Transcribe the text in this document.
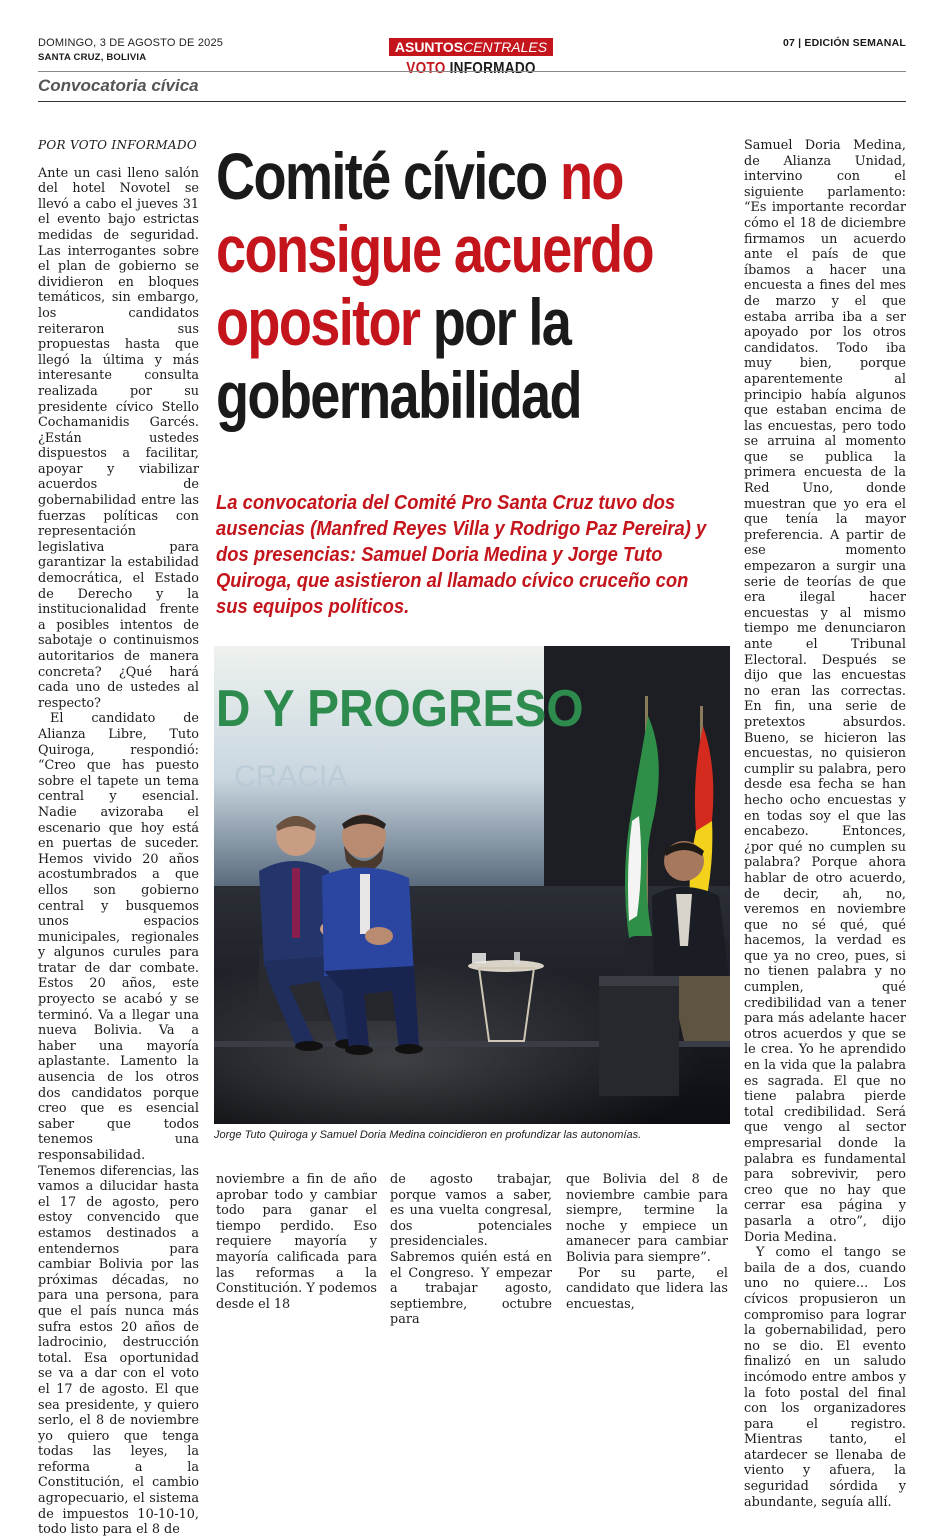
DOMINGO, 3 DE AGOSTO DE 2025
SANTA CRUZ, BOLIVIA
ASUNTOSCENTRALES
VOTO INFORMADO
07 | EDICIÓN SEMANAL
Convocatoria cívica

POR VOTO INFORMADO

Ante un casi lleno salón del hotel Novotel se llevó a cabo el jueves 31 el evento bajo estrictas medidas de seguridad. Las interrogantes sobre el plan de gobierno se dividieron en bloques temáticos, sin embargo, los candidatos reiteraron sus propuestas hasta que llegó la última y más interesante consulta realizada por su presidente cívico Stello Cochamanidis Garcés. ¿Están ustedes dispuestos a facilitar, apoyar y viabilizar acuerdos de gobernabilidad entre las fuerzas políticas con representación legislativa para garantizar la estabilidad democrática, el Estado de Derecho y la institucionalidad frente a posibles intentos de sabotaje o continuismos autoritarios de manera concreta? ¿Qué hará cada uno de ustedes al respecto?

El candidato de Alianza Libre, Tuto Quiroga, respondió: “Creo que has puesto sobre el tapete un tema central y esencial. Nadie avizoraba el escenario que hoy está en puertas de suceder. Hemos vivido 20 años acostumbrados a que ellos son gobierno central y busquemos unos espacios municipales, regionales y algunos curules para tratar de dar combate. Estos 20 años, este proyecto se acabó y se terminó. Va a llegar una nueva Bolivia. Va a haber una mayoría aplastante. Lamento la ausencia de los otros dos candidatos porque creo que es esencial saber que todos tenemos una responsabilidad. Tenemos diferencias, las vamos a dilucidar hasta el 17 de agosto, pero estoy convencido que estamos destinados a entendernos para cambiar Bolivia por las próximas décadas, no para una persona, para que el país nunca más sufra estos 20 años de ladrocinio, destrucción total. Esa oportunidad se va a dar con el voto el 17 de agosto. El que sea presidente, y quiero serlo, el 8 de noviembre yo quiero que tenga todas las leyes, la reforma a la Constitución, el cambio agropecuario, el sistema de impuestos 10-10-10, todo listo para el 8 de

Comité cívico no consigue acuerdo opositor por la gobernabilidad
La convocatoria del Comité Pro Santa Cruz tuvo dos ausencias (Manfred Reyes Villa y Rodrigo Paz Pereira) y dos presencias: Samuel Doria Medina y Jorge Tuto Quiroga, que asistieron al llamado cívico cruceño con sus equipos políticos.
D Y PROGRESO
CRACIA
Jorge Tuto Quiroga y Samuel Doria Medina coincidieron en profundizar las autonomías.

noviembre a fin de año aprobar todo y cambiar todo para ganar el tiempo perdido. Eso requiere mayoría y mayoría calificada para las reformas a la Constitución. Y podemos desde el 18

de agosto trabajar, porque vamos a saber, es una vuelta congresal, dos potenciales presidenciales. Sabremos quién está en el Congreso. Y empezar a trabajar agosto, septiembre, octubre para

que Bolivia del 8 de noviembre cambie para siempre, termine la noche y empiece un amanecer para cambiar Bolivia para siempre”.

Por su parte, el candidato que lidera las encuestas,

Samuel Doria Medina, de Alianza Unidad, intervino con el siguiente parlamento: “Es importante recordar cómo el 18 de diciembre firmamos un acuerdo ante el país de que íbamos a hacer una encuesta a fines del mes de marzo y el que estaba arriba iba a ser apoyado por los otros candidatos. Todo iba muy bien, porque aparentemente al principio había algunos que estaban encima de las encuestas, pero todo se arruina al momento que se publica la primera encuesta de la Red Uno, donde muestran que yo era el que tenía la mayor preferencia. A partir de ese momento empezaron a surgir una serie de teorías de que era ilegal hacer encuestas y al mismo tiempo me denunciaron ante el Tribunal Electoral. Después se dijo que las encuestas no eran las correctas. En fin, una serie de pretextos absurdos. Bueno, se hicieron las encuestas, no quisieron cumplir su palabra, pero desde esa fecha se han hecho ocho encuestas y en todas soy el que las encabezo. Entonces, ¿por qué no cumplen su palabra? Porque ahora hablar de otro acuerdo, de decir, ah, no, veremos en noviembre que no sé qué, qué hacemos, la verdad es que ya no creo, pues, si no tienen palabra y no cumplen, qué credibilidad van a tener para más adelante hacer otros acuerdos y que se le crea. Yo he aprendido en la vida que la palabra es sagrada. El que no tiene palabra pierde total credibilidad. Será que vengo al sector empresarial donde la palabra es fundamental para sobrevivir, pero creo que no hay que cerrar esa página y pasarla a otro”, dijo Doria Medina.

Y como el tango se baila de a dos, cuando uno no quiere... Los cívicos propusieron un compromiso para lograr la gobernabilidad, pero no se dio. El evento finalizó en un saludo incómodo entre ambos y la foto postal del final con los organizadores para el registro. Mientras tanto, el atardecer se llenaba de viento y afuera, la seguridad sórdida y abundante, seguía allí.
